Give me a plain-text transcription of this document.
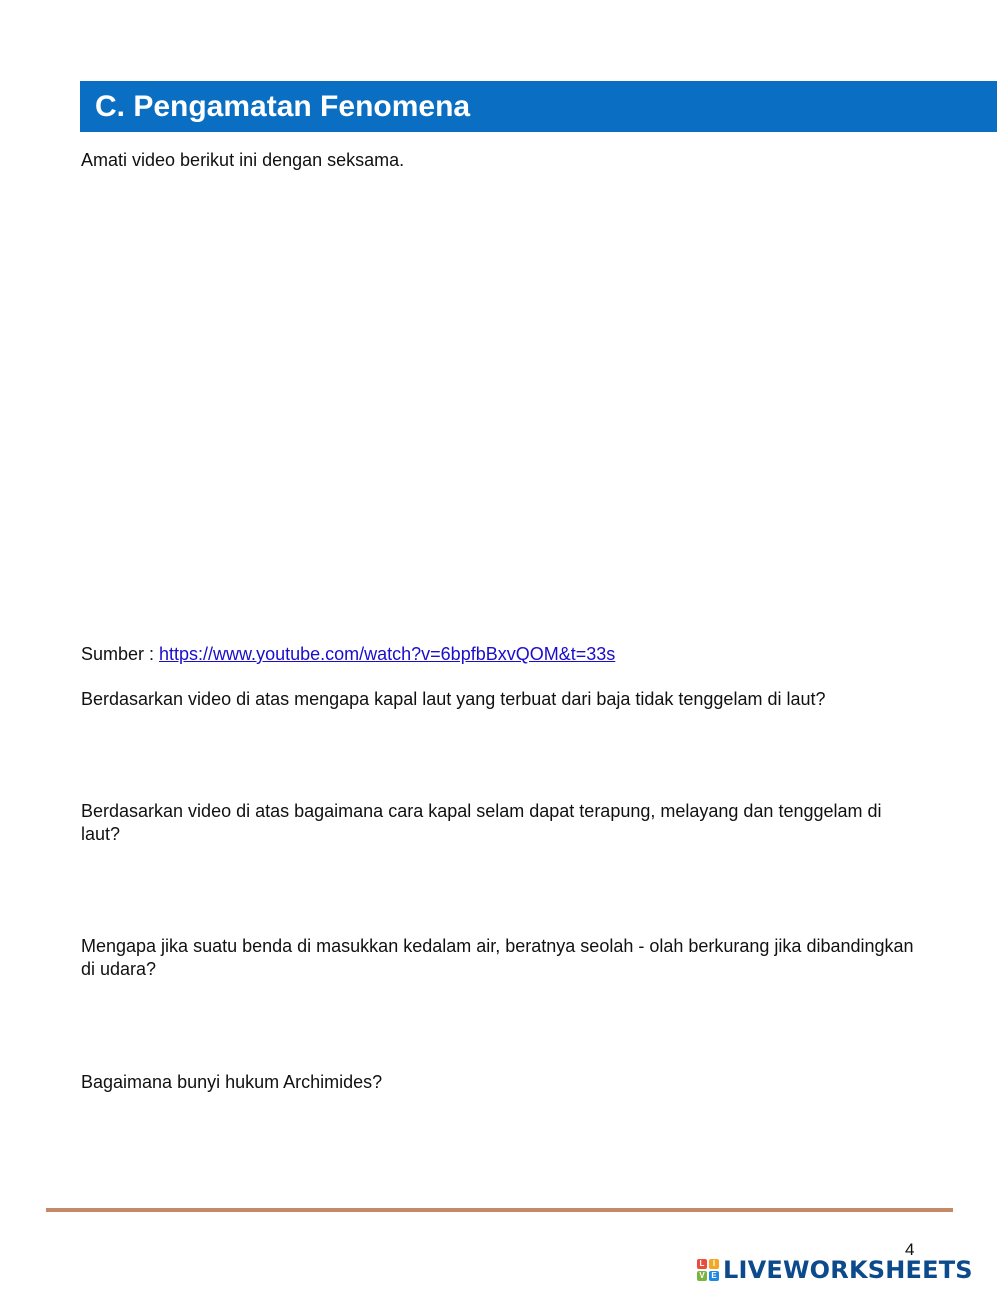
C. Pengamatan Fenomena
Amati video berikut ini dengan seksama.
Sumber : https://www.youtube.com/watch?v=6bpfbBxvQOM&t=33s
Berdasarkan video di atas mengapa kapal laut yang terbuat dari baja tidak tenggelam di laut?
Berdasarkan video di atas bagaimana cara kapal selam dapat terapung, melayang dan tenggelam di laut?
Mengapa jika suatu benda di masukkan kedalam air, beratnya seolah - olah berkurang jika dibandingkan di udara?
Bagaimana bunyi hukum Archimides?
4
L	I
V E LIVEWORKSHEETS
